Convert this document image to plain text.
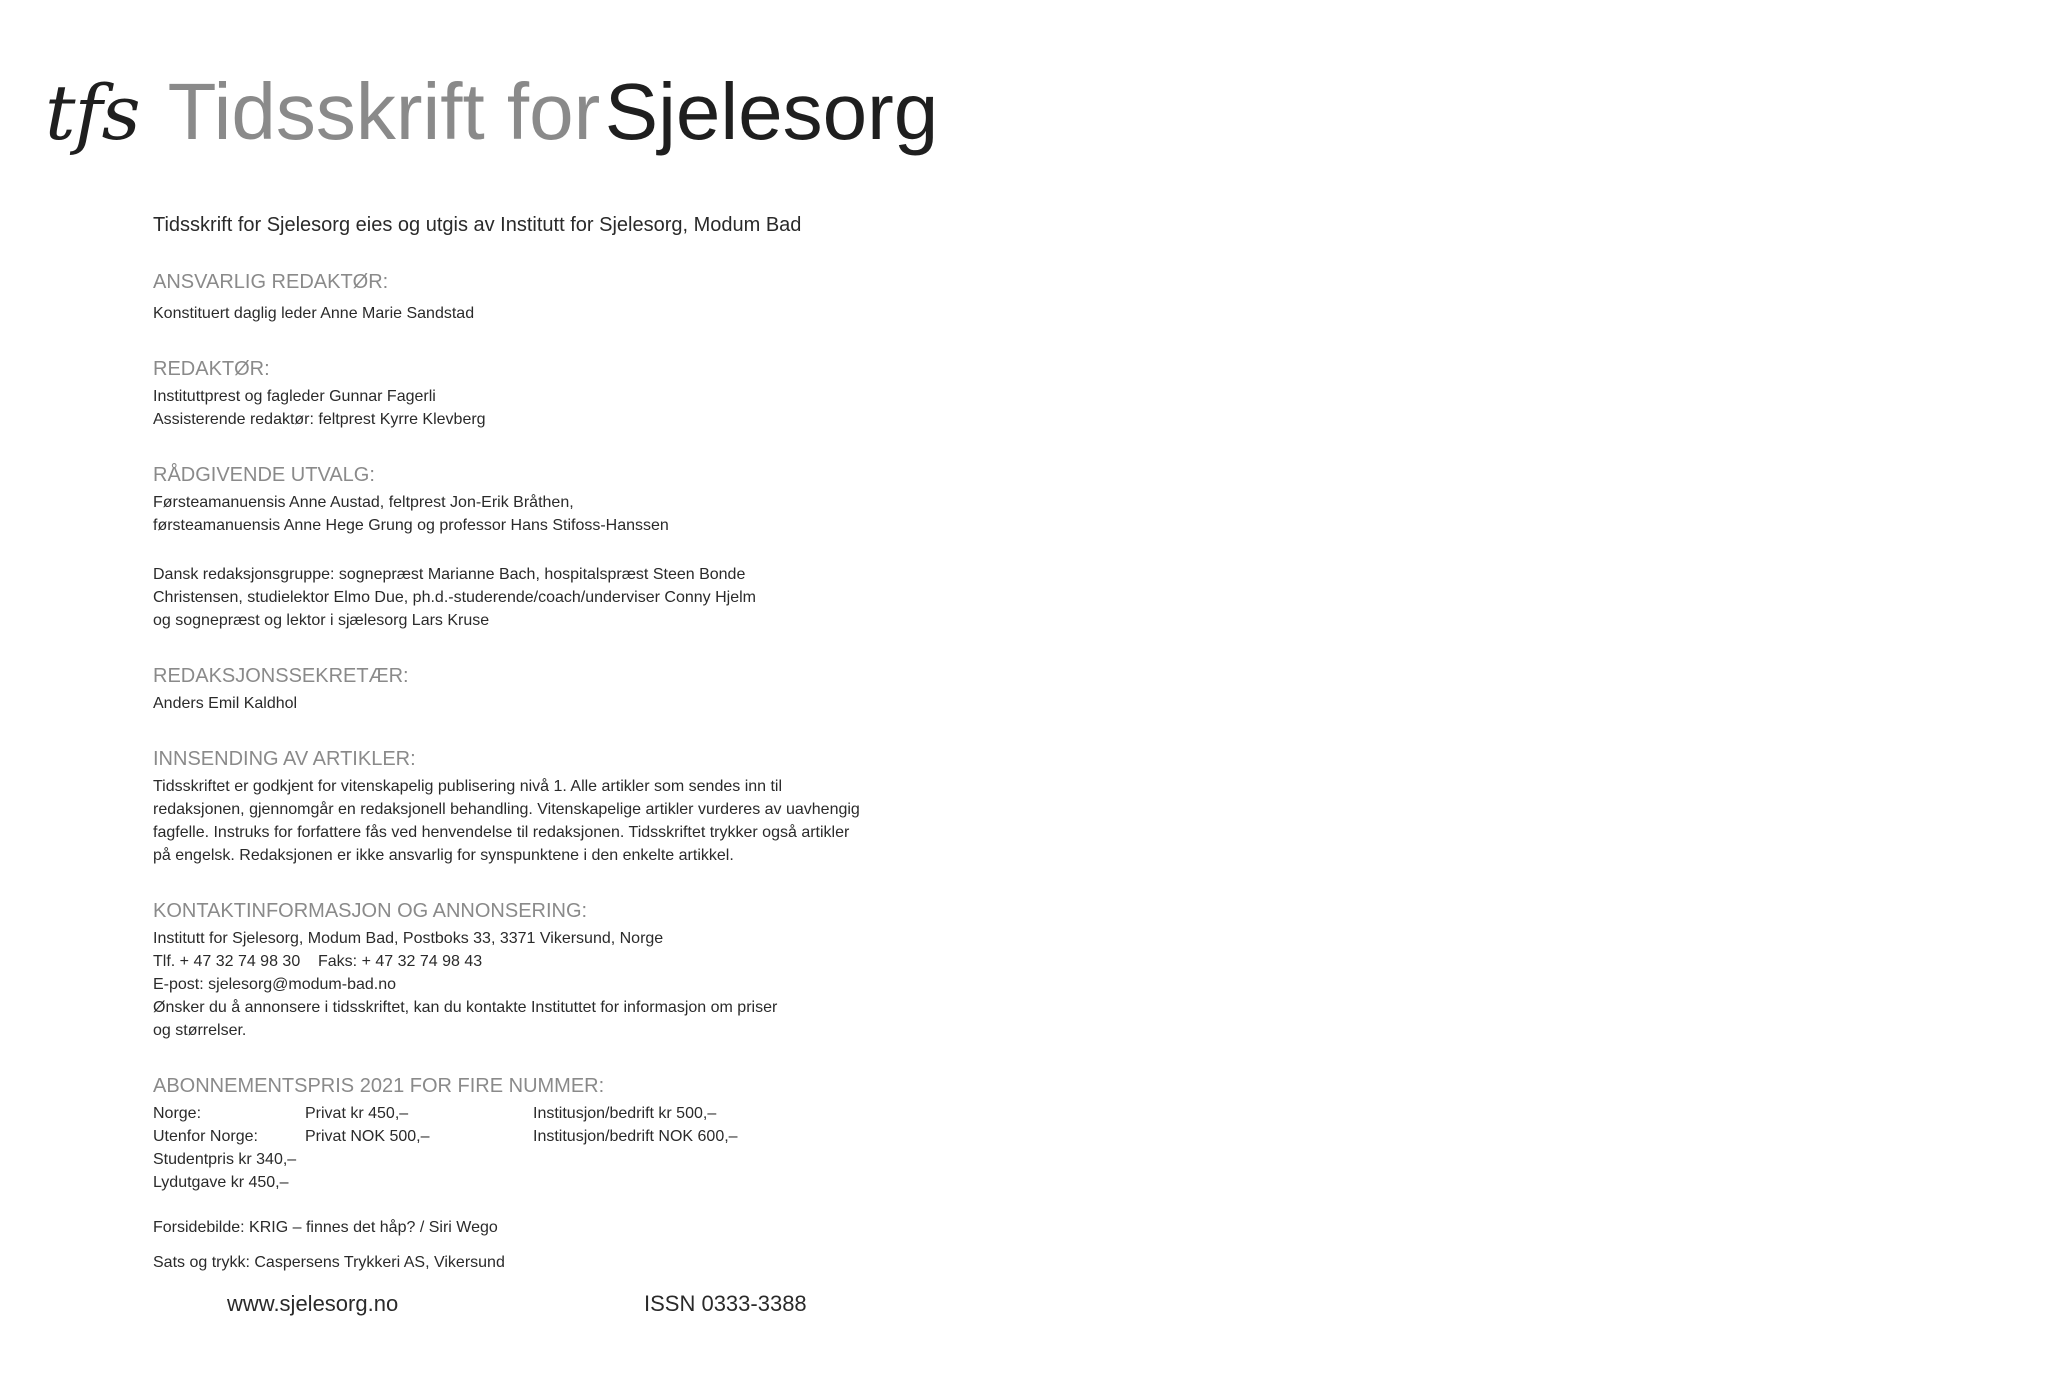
tfs Tidsskrift for Sjelesorg

Tidsskrift for Sjelesorg eies og utgis av Institutt for Sjelesorg, Modum Bad

ANSVARLIG REDAKTØR:

Konstituert daglig leder Anne Marie Sandstad

REDAKTØR:

Instituttprest og fagleder Gunnar Fagerli

Assisterende redaktør: feltprest Kyrre Klevberg

RÅDGIVENDE UTVALG:

Førsteamanuensis Anne Austad, feltprest Jon-Erik Bråthen,

førsteamanuensis Anne Hege Grung og professor Hans Stifoss-Hanssen

Dansk redaksjonsgruppe: sognepræst Marianne Bach, hospitalspræst Steen Bonde

Christensen, studielektor Elmo Due, ph.d.-studerende/coach/underviser Conny Hjelm

og sognepræst og lektor i sjælesorg Lars Kruse

REDAKSJONSSEKRETÆR:

Anders Emil Kaldhol

INNSENDING AV ARTIKLER:

Tidsskriftet er godkjent for vitenskapelig publisering nivå 1. Alle artikler som sendes inn til

redaksjonen, gjennomgår en redaksjonell behandling. Vitenskapelige artikler vurderes av uavhengig

fagfelle. Instruks for forfattere fås ved henvendelse til redaksjonen. Tidsskriftet trykker også artikler

på engelsk. Redaksjonen er ikke ansvarlig for synspunktene i den enkelte artikkel.

KONTAKTINFORMASJON OG ANNONSERING:

Institutt for Sjelesorg, Modum Bad, Postboks 33, 3371 Vikersund, Norge

Tlf. + 47 32 74 98 30    Faks: + 47 32 74 98 43

E-post: sjelesorg@modum-bad.no

Ønsker du å annonsere i tidsskriftet, kan du kontakte Instituttet for informasjon om priser

og størrelser.

ABONNEMENTSPRIS 2021 FOR FIRE NUMMER:

Norge:	Privat kr 450,–	Institusjon/bedrift kr 500,–
Utenfor Norge:	Privat NOK 500,–	Institusjon/bedrift NOK 600,–

Studentpris kr 340,–

Lydutgave kr 450,–

Forsidebilde: KRIG – finnes det håp? / Siri Wego

Sats og trykk: Caspersens Trykkeri AS, Vikersund

www.sjelesorg.no	ISSN 0333-3388
